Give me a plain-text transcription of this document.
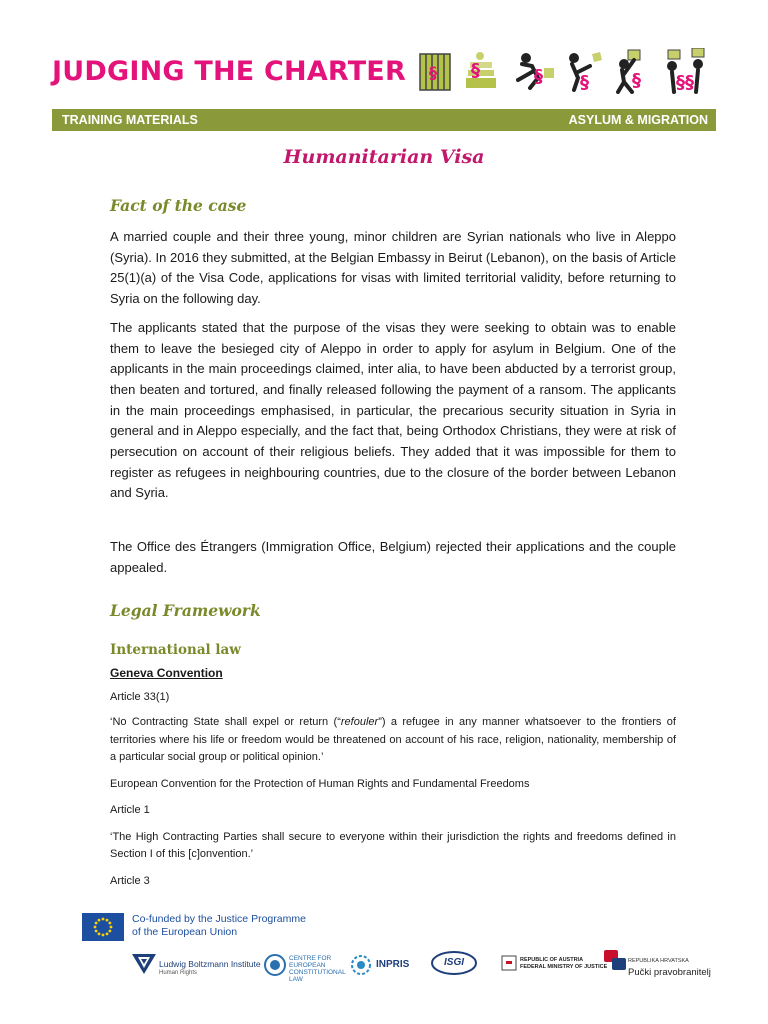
JUDGING THE CHARTER § §	§ § § §§
TRAINING MATERIALS	ASYLUM & MIGRATION
Humanitarian Visa
Fact of the case

A married couple and their three young, minor children are Syrian nationals who live in Aleppo (Syria). In 2016 they submitted, at the Belgian Embassy in Beirut (Lebanon), on the basis of Article 25(1)(a) of the Visa Code, applications for visas with limited territorial validity, before returning to Syria on the following day.

The applicants stated that the purpose of the visas they were seeking to obtain was to enable them to leave the besieged city of Aleppo in order to apply for asylum in Belgium. One of the applicants in the main proceedings claimed, inter alia, to have been abducted by a terrorist group, then beaten and tortured, and finally released following the payment of a ransom. The applicants in the main proceedings emphasised, in particular, the precarious security situation in Syria in general and in Aleppo especially, and the fact that, being Orthodox Christians, they were at risk of persecution on account of their religious beliefs. They added that it was impossible for them to register as refugees in neighbouring countries, due to the closure of the border between Lebanon and Syria.

The Office des Étrangers (Immigration Office, Belgium) rejected their applications and the couple appealed.

Legal Framework
International law

Geneva Convention

Article 33(1)

‘No Contracting State shall expel or return (“refouler”) a refugee in any manner whatsoever to the frontiers of territories where his life or freedom would be threatened on account of his race, religion, nationality, membership of a particular social group or political opinion.’

European Convention for the Protection of Human Rights and Fundamental Freedoms

Article 1

‘The High Contracting Parties shall secure to everyone within their jurisdiction the rights and freedoms defined in Section I of this [c]onvention.’

Article 3

Co-funded by the Justice Programme
of the European Union
Ludwig Boltzmann Institute
Human Rights
CENTRE FOR EUROPEAN CONSTITUTIONAL LAW
INPRIS	ISGI	REPUBLIC OF AUSTRIA
FEDERAL MINISTRY OF JUSTICE
REPUBLIKA HRVATSKA
Pučki pravobranitelj
